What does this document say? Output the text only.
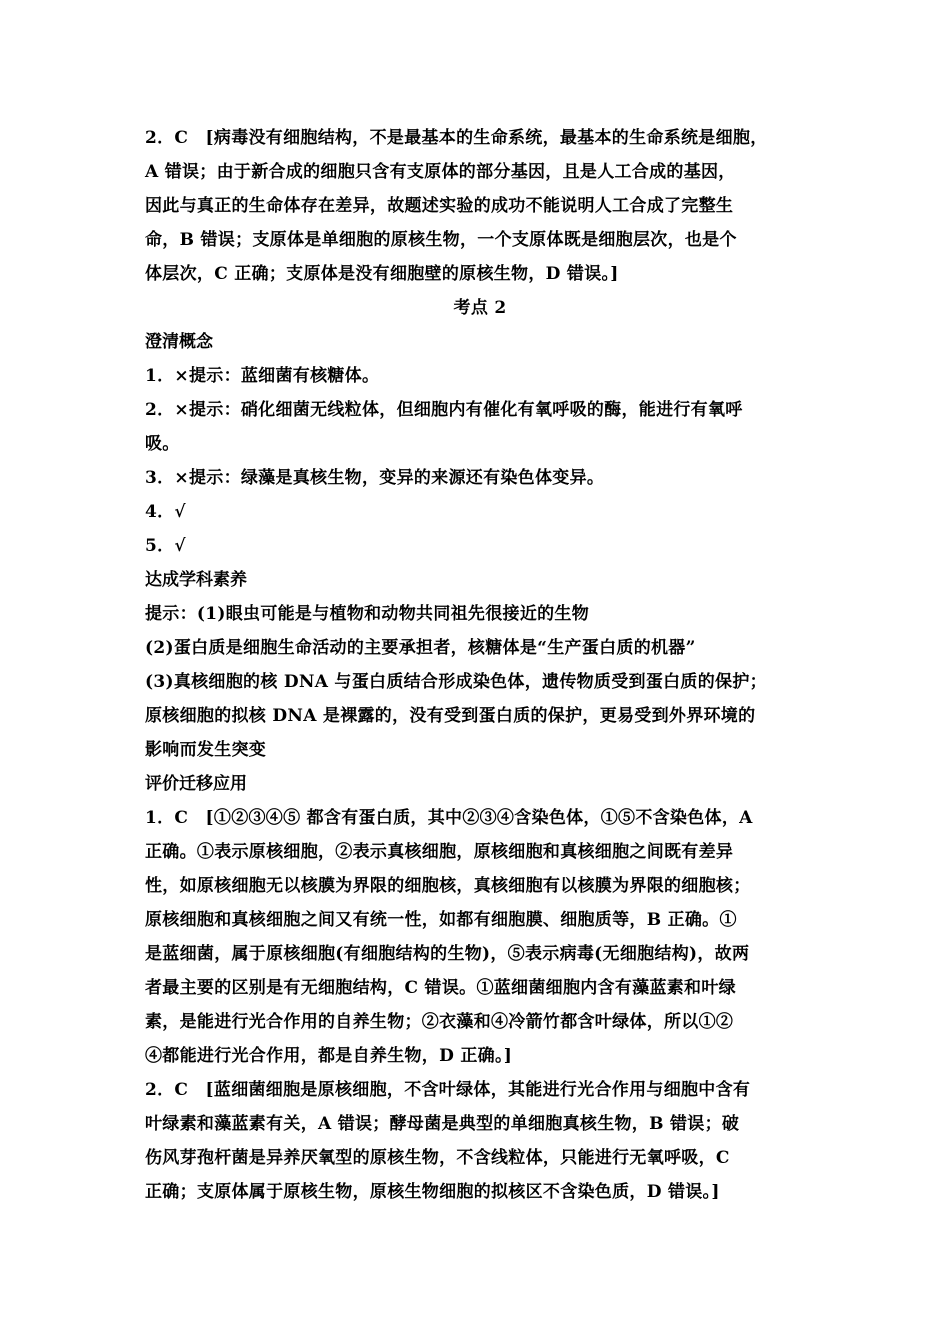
2．C　[病毒没有细胞结构，不是最基本的生命系统，最基本的生命系统是细胞，
A 错误；由于新合成的细胞只含有支原体的部分基因，且是人工合成的基因，
因此与真正的生命体存在差异，故题述实验的成功不能说明人工合成了完整生
命，B 错误；支原体是单细胞的原核生物，一个支原体既是细胞层次，也是个
体层次，C 正确；支原体是没有细胞壁的原核生物，D 错误。]
考点 2
澄清概念
1．×提示：蓝细菌有核糖体。
2．×提示：硝化细菌无线粒体，但细胞内有催化有氧呼吸的酶，能进行有氧呼
吸。
3．×提示：绿藻是真核生物，变异的来源还有染色体变异。
4．√
5．√
达成学科素养
提示：(1)眼虫可能是与植物和动物共同祖先很接近的生物
(2)蛋白质是细胞生命活动的主要承担者，核糖体是“生产蛋白质的机器”
(3)真核细胞的核 DNA 与蛋白质结合形成染色体，遗传物质受到蛋白质的保护；
原核细胞的拟核 DNA 是裸露的，没有受到蛋白质的保护，更易受到外界环境的
影响而发生突变
评价迁移应用
1．C　[①②③④⑤ 都含有蛋白质，其中②③④含染色体，①⑤不含染色体，A
正确。①表示原核细胞，②表示真核细胞，原核细胞和真核细胞之间既有差异
性，如原核细胞无以核膜为界限的细胞核，真核细胞有以核膜为界限的细胞核；
原核细胞和真核细胞之间又有统一性，如都有细胞膜、细胞质等，B 正确。①
是蓝细菌，属于原核细胞(有细胞结构的生物)，⑤表示病毒(无细胞结构)，故两
者最主要的区别是有无细胞结构，C 错误。①蓝细菌细胞内含有藻蓝素和叶绿
素，是能进行光合作用的自养生物；②衣藻和④冷箭竹都含叶绿体，所以①②
④都能进行光合作用，都是自养生物，D 正确。]
2．C　[蓝细菌细胞是原核细胞，不含叶绿体，其能进行光合作用与细胞中含有
叶绿素和藻蓝素有关，A 错误；酵母菌是典型的单细胞真核生物，B 错误；破
伤风芽孢杆菌是异养厌氧型的原核生物，不含线粒体，只能进行无氧呼吸，C
正确；支原体属于原核生物，原核生物细胞的拟核区不含染色质，D 错误。]
